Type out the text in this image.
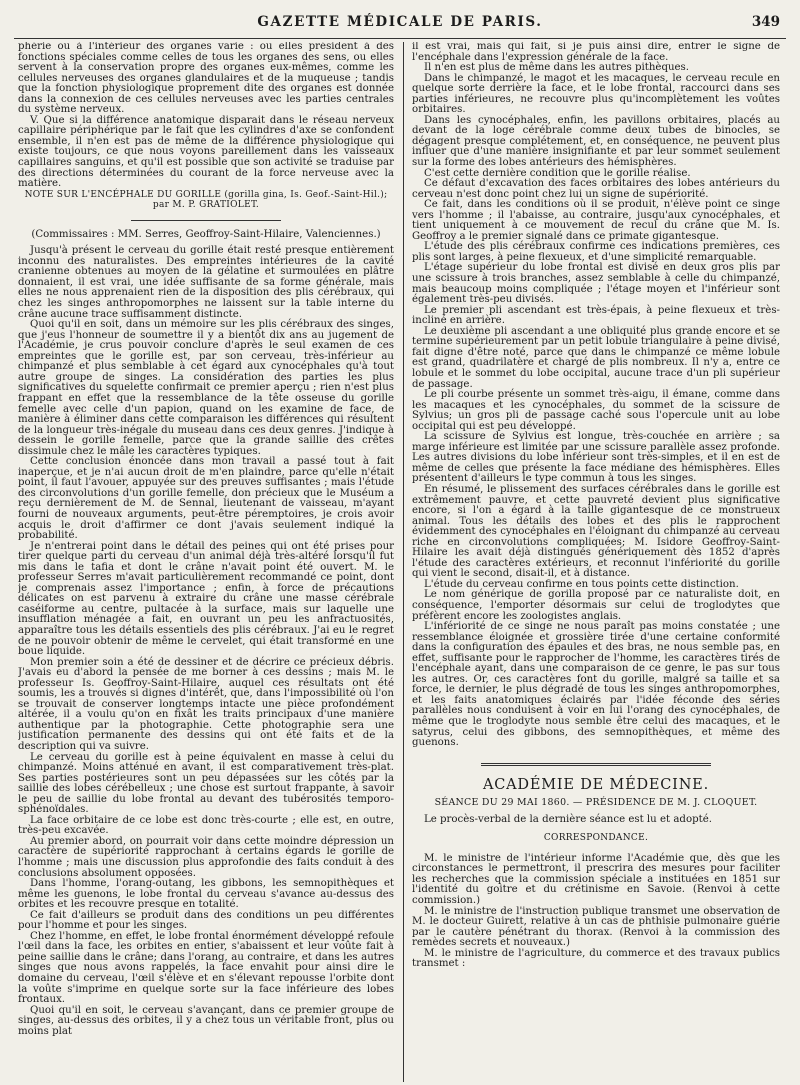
GAZETTE MÉDICALE DE PARIS.	349

phérie ou à l'intérieur des organes varie : ou elles président à des fonctions spéciales comme celles de tous les organes des sens, ou elles servent à la conservation propre des organes eux-mêmes, comme les cellules nerveuses des organes glandulaires et de la muqueuse ; tandis que la fonction physiologique proprement dite des organes est donnée dans la connexion de ces cellules nerveuses avec les parties centrales du système nerveux.

V. Que si la différence anatomique disparait dans le réseau nerveux capillaire périphérique par le fait que les cylindres d'axe se confondent ensemble, il n'en est pas de même de la différence physiologique qui existe toujours, ce que nous voyons pareillement dans les vaisseaux capillaires sanguins, et qu'il est possible que son activité se traduise par des directions déterminées du courant de la force nerveuse avec la matière.

NOTE SUR L'ENCÉPHALE DU GORILLE (gorilla gina, Is. Geof.-Saint-Hil.); par M. P. GRATIOLET.

(Commissaires : MM. Serres, Geoffroy-Saint-Hilaire, Valenciennes.)

Jusqu'à présent le cerveau du gorille était resté presque entièrement inconnu des naturalistes. Des empreintes intérieures de la cavité cranienne obtenues au moyen de la gélatine et surmoulées en plâtre donnaient, il est vrai, une idée suffisante de sa forme générale, mais elles ne nous apprenaient rien de la disposition des plis cérébraux, qui chez les singes anthropomorphes ne laissent sur la table interne du crâne aucune trace suffisamment distincte.

Quoi qu'il en soit, dans un mémoire sur les plis cérébraux des singes, que j'eus l'honneur de soumettre il y a bientôt dix ans au jugement de l'Académie, je crus pouvoir conclure d'après le seul examen de ces empreintes que le gorille est, par son cerveau, très-inférieur au chimpanzé et plus semblable à cet égard aux cynocéphales qu'à tout autre groupe de singes. La considération des parties les plus significatives du squelette confirmait ce premier aperçu ; rien n'est plus frappant en effet que la ressemblance de la tête osseuse du gorille femelle avec celle d'un papion, quand on les examine de face, de manière à éliminer dans cette comparaison les différences qui résultent de la longueur très-inégale du museau dans ces deux genres. J'indique à dessein le gorille femelle, parce que la grande saillie des crêtes dissimule chez le mâle les caractères typiques.

Cette conclusion énoncée dans mon travail a passé tout à fait inaperçue, et je n'ai aucun droit de m'en plaindre, parce qu'elle n'était point, il faut l'avouer, appuyée sur des preuves suffisantes ; mais l'étude des circonvolutions d'un gorille femelle, don précieux que le Muséum a reçu dernièrement de M. de Sennal, lieutenant de vaisseau, m'ayant fourni de nouveaux arguments, peut-être péremptoires, je crois avoir acquis le droit d'affirmer ce dont j'avais seulement indiqué la probabilité.

Je n'entrerai point dans le détail des peines qui ont été prises pour tirer quelque parti du cerveau d'un animal déjà très-altéré lorsqu'il fut mis dans le tafia et dont le crâne n'avait point été ouvert. M. le professeur Serres m'avait particulièrement recommandé ce point, dont je comprenais assez l'importance ; enfin, à force de précautions délicates on est parvenu à extraire du crâne une masse cérébrale caséiforme au centre, pultacée à la surface, mais sur laquelle une insufflation ménagée a fait, en ouvrant un peu les anfractuosités, apparaître tous les détails essentiels des plis cérébraux. J'ai eu le regret de ne pouvoir obtenir de même le cervelet, qui était transformé en une boue liquide.

Mon premier soin a été de dessiner et de décrire ce précieux débris. J'avais eu d'abord la pensée de me borner à ces dessins ; mais M. le professeur Is. Geoffroy-Saint-Hilaire, auquel ces résultats ont été soumis, les a trouvés si dignes d'intérêt, que, dans l'impossibilité où l'on se trouvait de conserver longtemps intacte une pièce profondément altérée, il a voulu qu'on en fixât les traits principaux d'une manière authentique par la photographie. Cette photographie sera une justification permanente des dessins qui ont été faits et de la description qui va suivre.

Le cerveau du gorille est à peine équivalent en masse à celui du chimpanzé. Moins atténué en avant, il est comparativement très-plat. Ses parties postérieures sont un peu dépassées sur les côtés par la saillie des lobes cérébelleux ; une chose est surtout frappante, à savoir le peu de saillie du lobe frontal au devant des tubérosités temporo-sphénoïdales.

La face orbitaire de ce lobe est donc très-courte ; elle est, en outre, très-peu excavée.

Au premier abord, on pourrait voir dans cette moindre dépression un caractère de supériorité rapprochant à certains égards le gorille de l'homme ; mais une discussion plus approfondie des faits conduit à des conclusions absolument opposées.

Dans l'homme, l'orang-outang, les gibbons, les semnopithèques et même les guenons, le lobe frontal du cerveau s'avance au-dessus des orbites et les recouvre presque en totalité.

Ce fait d'ailleurs se produit dans des conditions un peu différentes pour l'homme et pour les singes.

Chez l'homme, en effet, le lobe frontal énormément développé refoule l'œil dans la face, les orbites en entier, s'abaissent et leur voûte fait à peine saillie dans le crâne; dans l'orang, au contraire, et dans les autres singes que nous avons rappelés, la face envahit pour ainsi dire le domaine du cerveau, l'œil s'élève et en s'élevant repousse l'orbite dont la voûte s'imprime en quelque sorte sur la face inférieure des lobes frontaux.

Quoi qu'il en soit, le cerveau s'avançant, dans ce premier groupe de singes, au-dessus des orbites, il y a chez tous un véritable front, plus ou moins plat

il est vrai, mais qui fait, si je puis ainsi dire, entrer le signe de l'encéphale dans l'expression générale de la face.

Il n'en est plus de même dans les autres pithèques.

Dans le chimpanzé, le magot et les macaques, le cerveau recule en quelque sorte derrière la face, et le lobe frontal, raccourci dans ses parties inférieures, ne recouvre plus qu'incomplètement les voûtes orbitaires.

Dans les cynocéphales, enfin, les pavillons orbitaires, placés au devant de la loge cérébrale comme deux tubes de binocles, se dégagent presque complétement, et, en conséquence, ne peuvent plus influer que d'une manière insignifiante et par leur sommet seulement sur la forme des lobes antérieurs des hémisphères.

C'est cette dernière condition que le gorille réalise.

Ce défaut d'excavation des faces orbitaires des lobes antérieurs du cerveau n'est donc point chez lui un signe de supériorité.

Ce fait, dans les conditions où il se produit, n'élève point ce singe vers l'homme ; il l'abaisse, au contraire, jusqu'aux cynocéphales, et tient uniquement à ce mouvement de recul du crâne que M. Is. Geoffroy a le premier signalé dans ce primate gigantesque.

L'étude des plis cérébraux confirme ces indications premières, ces plis sont larges, à peine flexueux, et d'une simplicité remarquable.

L'étage supérieur du lobe frontal est divisé en deux gros plis par une scissure à trois branches, assez semblable à celle du chimpanzé, mais beaucoup moins compliquée ; l'étage moyen et l'inférieur sont également très-peu divisés.

Le premier pli ascendant est très-épais, à peine flexueux et très-incliné en arrière.

Le deuxième pli ascendant a une obliquité plus grande encore et se termine supérieurement par un petit lobule triangulaire à peine divisé, fait digne d'être noté, parce que dans le chimpanzé ce même lobule est grand, quadrilatère et chargé de plis nombreux. Il n'y a, entre ce lobule et le sommet du lobe occipital, aucune trace d'un pli supérieur de passage.

Le pli courbe présente un sommet très-aigu, il émane, comme dans les macaques et les cynocéphales, du sommet de la scissure de Sylvius; un gros pli de passage caché sous l'opercule unit au lobe occipital qui est peu développé.

La scissure de Sylvius est longue, très-couchée en arrière ; sa marge inférieure est limitée par une scissure parallèle assez profonde. Les autres divisions du lobe inférieur sont très-simples, et il en est de même de celles que présente la face médiane des hémisphères. Elles présentent d'ailleurs le type commun à tous les singes.

En résumé, le plissement des surfaces cérébrales dans le gorille est extrêmement pauvre, et cette pauvreté devient plus significative encore, si l'on a égard à la taille gigantesque de ce monstrueux animal. Tous les détails des lobes et des plis le rapprochent évidemment des cynocéphales en l'éloignant du chimpanzé au cerveau riche en circonvolutions compliquées; M. Isidore Geoffroy-Saint-Hilaire les avait déjà distingués génériquement dès 1852 d'après l'étude des caractères extérieurs, et reconnut l'infériorité du gorille qui vient le second, disait-il, et à distance.

L'étude du cerveau confirme en tous points cette distinction.

Le nom générique de gorilla proposé par ce naturaliste doit, en conséquence, l'emporter désormais sur celui de troglodytes que préfèrent encore les zoologistes anglais.

L'infériorité de ce singe ne nous paraît pas moins constatée ; une ressemblance éloignée et grossière tirée d'une certaine conformité dans la configuration des épaules et des bras, ne nous semble pas, en effet, suffisante pour le rapprocher de l'homme, les caractères tirés de l'encéphale ayant, dans une comparaison de ce genre, le pas sur tous les autres. Or, ces caractères font du gorille, malgré sa taille et sa force, le dernier, le plus dégradé de tous les singes anthropomorphes, et les faits anatomiques éclairés par l'idée féconde des séries parallèles nous conduisent à voir en lui l'orang des cynocéphales, de même que le troglodyte nous semble être celui des macaques, et le satyrus, celui des gibbons, des semnopithèques, et même des guenons.

ACADÉMIE DE MÉDECINE.
SÉANCE DU 29 MAI 1860. — PRÉSIDENCE DE M. J. CLOQUET.

Le procès-verbal de la dernière séance est lu et adopté.

CORRESPONDANCE.

M. le ministre de l'intérieur informe l'Académie que, dès que les circonstances le permettront, il prescrira des mesures pour faciliter les recherches que la commission spéciale a instituées en 1851 sur l'identité du goitre et du crétinisme en Savoie. (Renvoi à cette commission.)

M. le ministre de l'instruction publique transmet une observation de M. le docteur Guirett, relative à un cas de phthisie pulmonaire guérie par le cautère pénétrant du thorax. (Renvoi à la commission des remèdes secrets et nouveaux.)

M. le ministre de l'agriculture, du commerce et des travaux publics transmet :
